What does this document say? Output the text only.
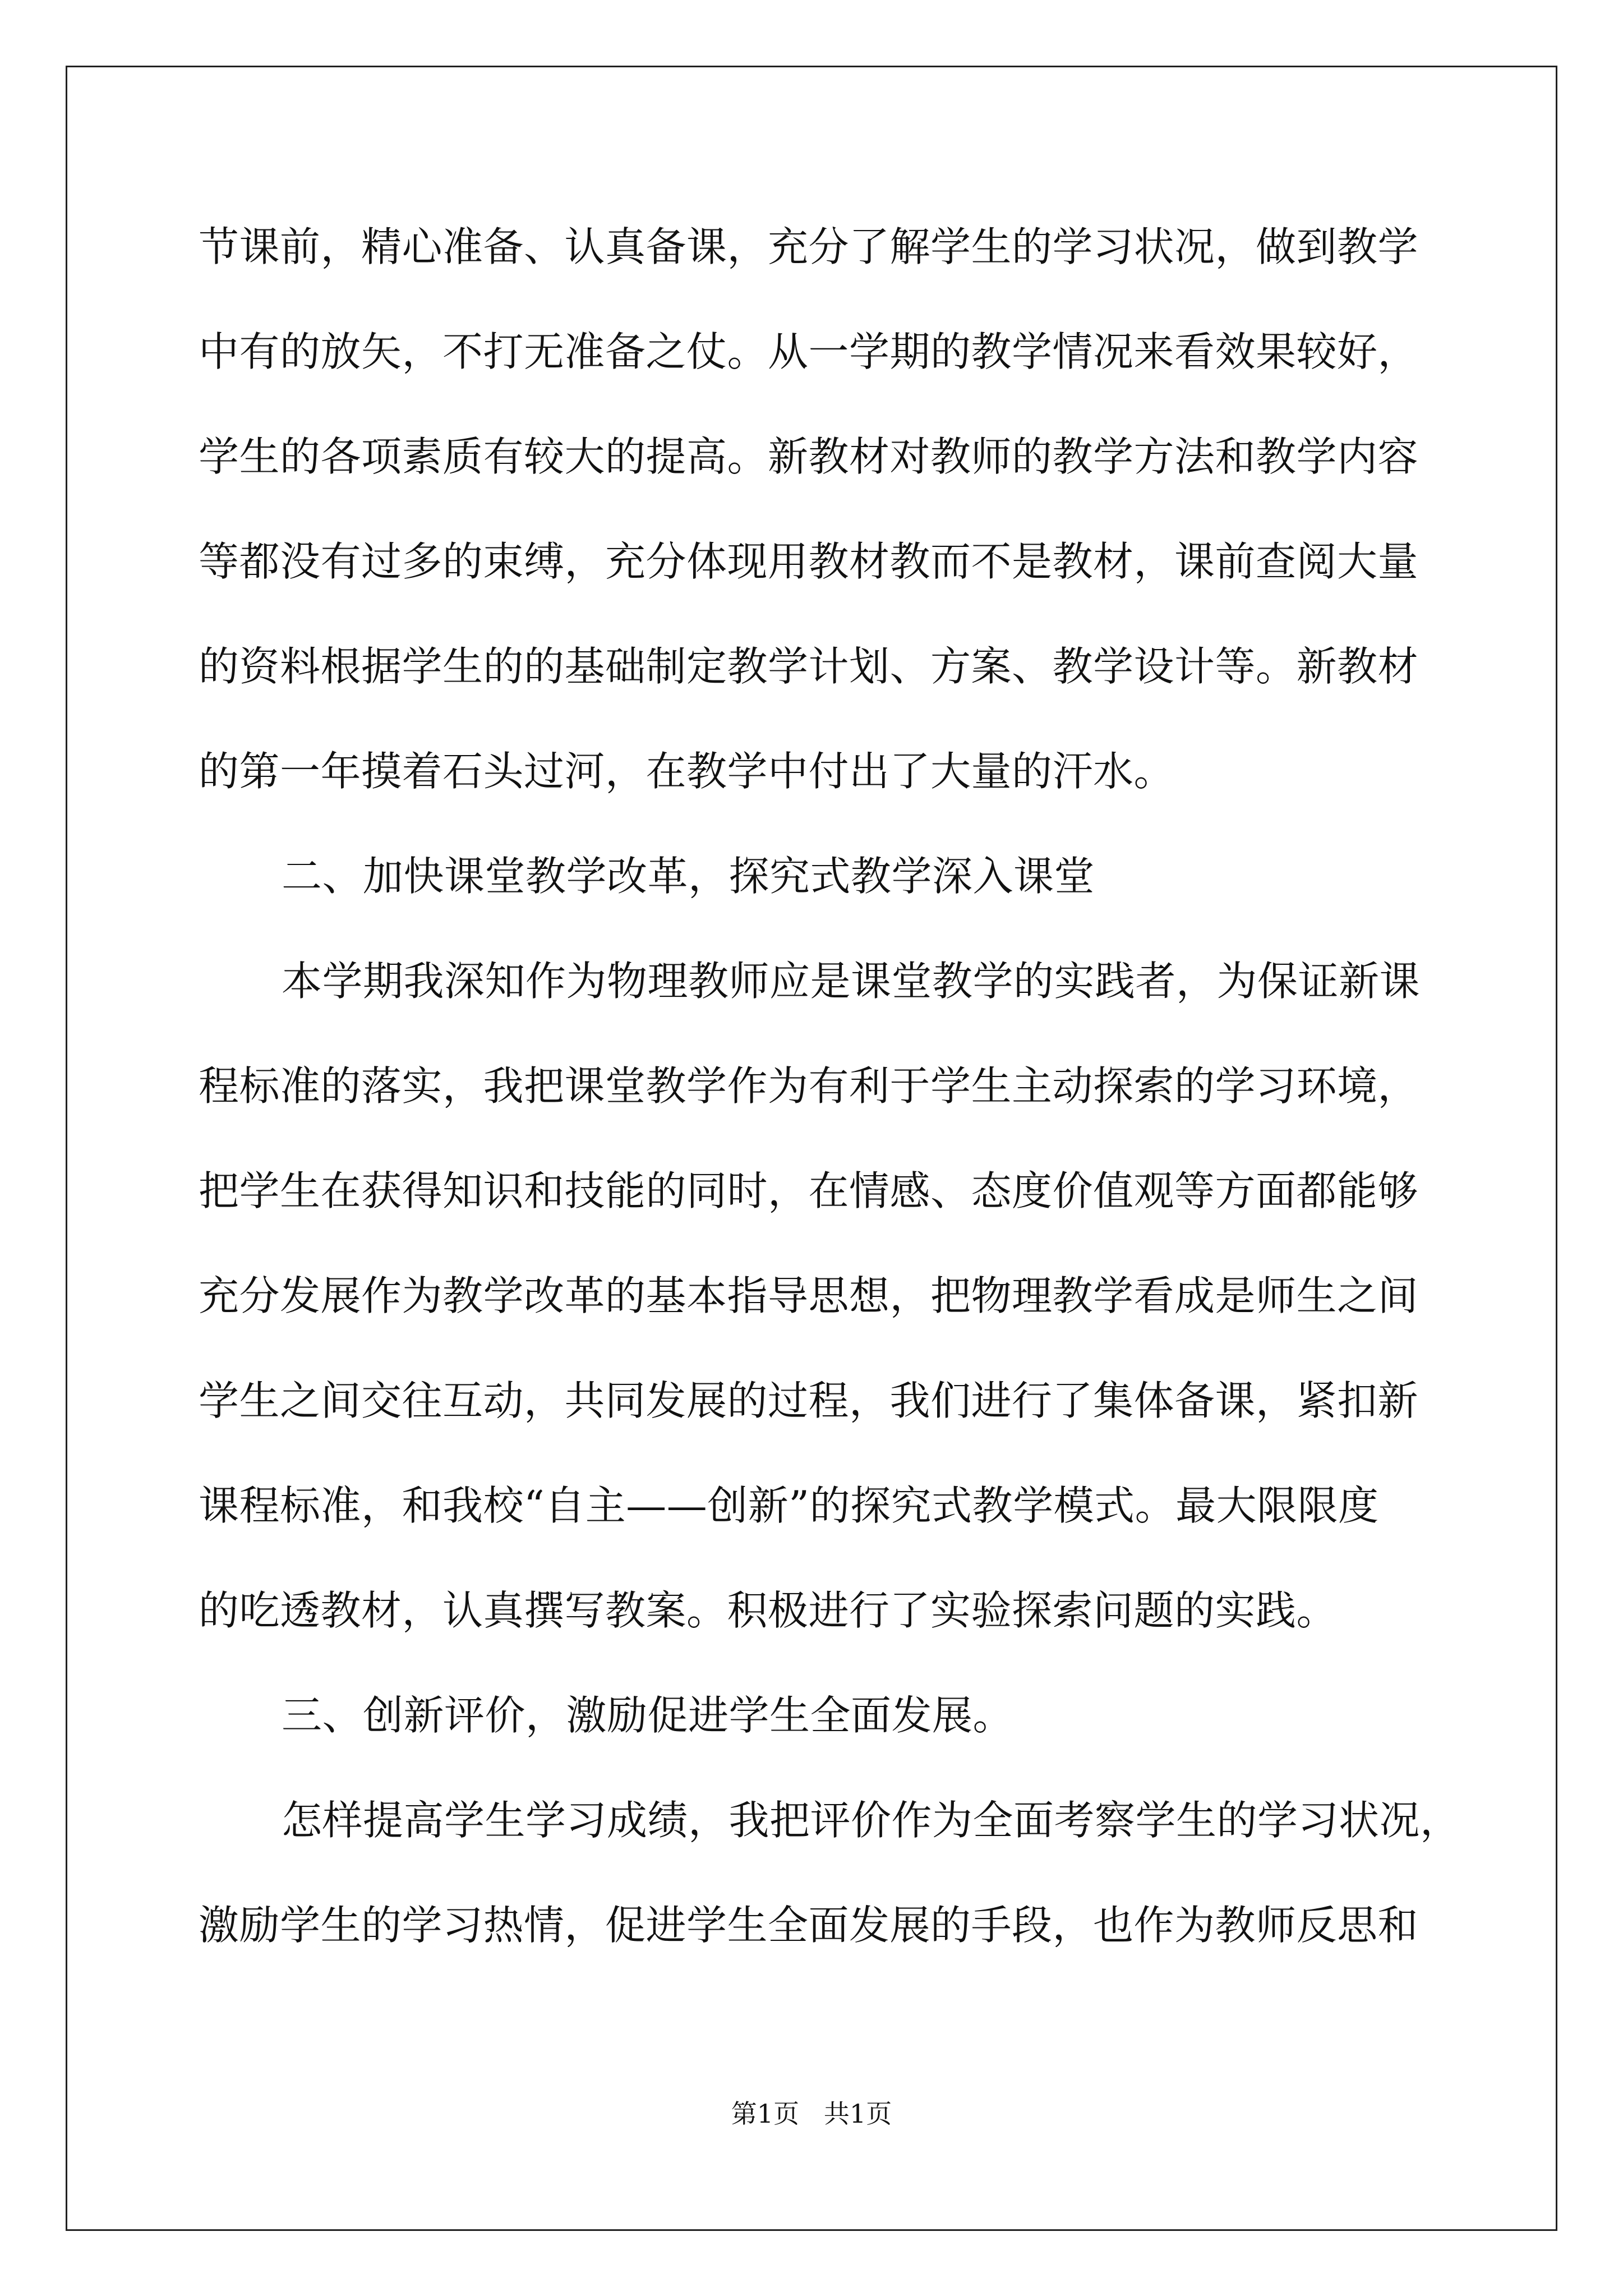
节课前，精心准备、认真备课，充分了解学生的学习状况，做到教学
中有的放矢，不打无准备之仗。从一学期的教学情况来看效果较好，
学生的各项素质有较大的提高。新教材对教师的教学方法和教学内容
等都没有过多的束缚，充分体现用教材教而不是教材，课前查阅大量
的资料根据学生的的基础制定教学计划、方案、教学设计等。新教材
的第一年摸着石头过河，在教学中付出了大量的汗水。
二、加快课堂教学改革，探究式教学深入课堂
本学期我深知作为物理教师应是课堂教学的实践者，为保证新课
程标准的落实，我把课堂教学作为有利于学生主动探索的学习环境，
把学生在获得知识和技能的同时，在情感、态度价值观等方面都能够
充分发展作为教学改革的基本指导思想，把物理教学看成是师生之间
学生之间交往互动，共同发展的过程，我们进行了集体备课，紧扣新
课程标准，和我校“自主——创新”的探究式教学模式。最大限限度
的吃透教材，认真撰写教案。积极进行了实验探索问题的实践。
三、创新评价，激励促进学生全面发展。
怎样提高学生学习成绩，我把评价作为全面考察学生的学习状况，
激励学生的学习热情，促进学生全面发展的手段，也作为教师反思和
第1页   共1页
